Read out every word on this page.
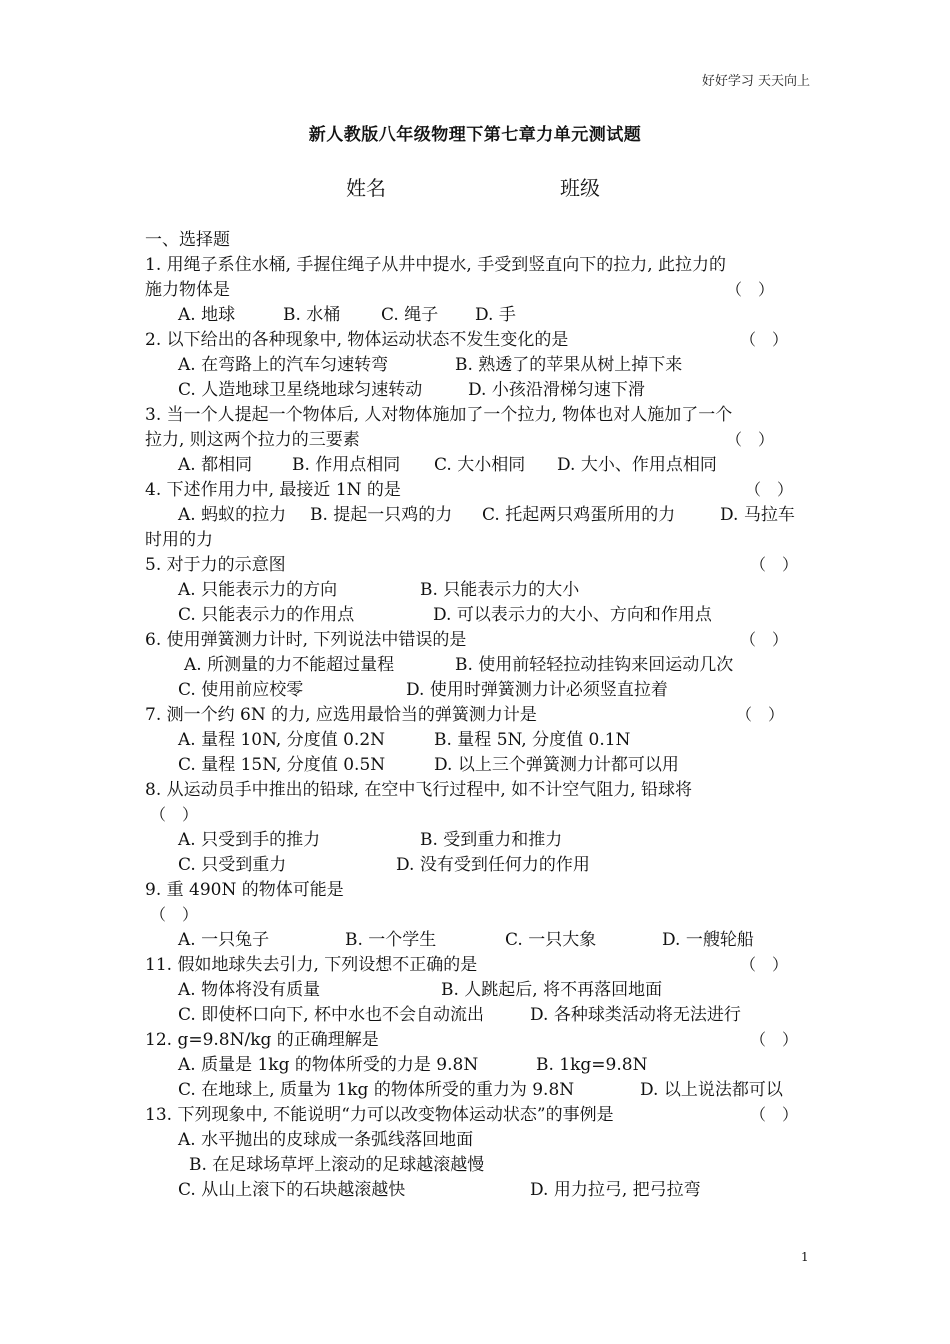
好好学习 天天向上
新人教版八年级物理下第七章力单元测试题
姓名	班级
一、选择题
1. 用绳子系住水桶, 手握住绳子从井中提水, 手受到竖直向下的拉力, 此拉力的
施力物体是	（　）
A. 地球	B. 水桶 C. 绳子 D. 手
2. 以下给出的各种现象中, 物体运动状态不发生变化的是	（　）
A. 在弯路上的汽车匀速转弯	B. 熟透了的苹果从树上掉下来
C. 人造地球卫星绕地球匀速转动	D. 小孩沿滑梯匀速下滑
3. 当一个人提起一个物体后, 人对物体施加了一个拉力, 物体也对人施加了一个
拉力, 则这两个拉力的三要素	（　）
A. 都相同 B. 作用点相同 C. 大小相同 D. 大小、作用点相同
4. 下述作用力中, 最接近 1N 的是	（　）
A. 蚂蚁的拉力 B. 提起一只鸡的力 C. 托起两只鸡蛋所用的力	D. 马拉车
时用的力
5. 对于力的示意图	（　）
A. 只能表示力的方向	B. 只能表示力的大小
C. 只能表示力的作用点	D. 可以表示力的大小、方向和作用点
6. 使用弹簧测力计时, 下列说法中错误的是	（　）
A. 所测量的力不能超过量程	B. 使用前轻轻拉动挂钩来回运动几次
C. 使用前应校零	D. 使用时弹簧测力计必须竖直拉着
7. 测一个约 6N 的力, 应选用最恰当的弹簧测力计是	（　）
A. 量程 10N, 分度值 0.2N	B. 量程 5N, 分度值 0.1N
C. 量程 15N, 分度值 0.5N	D. 以上三个弹簧测力计都可以用
8. 从运动员手中推出的铅球, 在空中飞行过程中, 如不计空气阻力, 铅球将
（　）
A. 只受到手的推力	B. 受到重力和推力
C. 只受到重力	D. 没有受到任何力的作用
9. 重 490N 的物体可能是
（　）
A. 一只兔子	B. 一个学生	C. 一只大象	D. 一艘轮船
11. 假如地球失去引力, 下列设想不正确的是	（　）
A. 物体将没有质量	B. 人跳起后, 将不再落回地面
C. 即使杯口向下, 杯中水也不会自动流出	D. 各种球类活动将无法进行
12. g=9.8N/kg 的正确理解是	（　）
A. 质量是 1kg 的物体所受的力是 9.8N	B. 1kg=9.8N
C. 在地球上, 质量为 1kg 的物体所受的重力为 9.8N	D. 以上说法都可以
13. 下列现象中, 不能说明“力可以改变物体运动状态”的事例是	（　）
A. 水平抛出的皮球成一条弧线落回地面
B. 在足球场草坪上滚动的足球越滚越慢
C. 从山上滚下的石块越滚越快	D. 用力拉弓, 把弓拉弯
1
